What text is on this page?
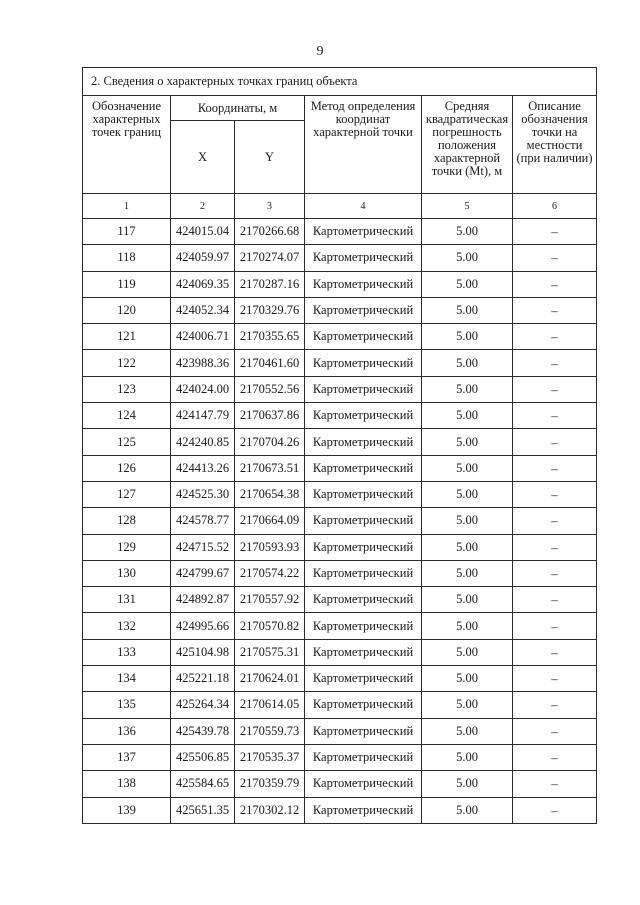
9
2. Сведения о характерных точках границ объекта					
Обозначение характерных точек границ	Координаты, м		Метод определения координат характерной точки	Средняя квадратическая погрешность положения характерной точки (Mt), м	Описание обозначения точки на местности (при наличии)
	X	Y			
1	2	3	4	5	6
117	424015.04	2170266.68	Картометрический	5.00	–
118	424059.97	2170274.07	Картометрический	5.00	–
119	424069.35	2170287.16	Картометрический	5.00	–
120	424052.34	2170329.76	Картометрический	5.00	–
121	424006.71	2170355.65	Картометрический	5.00	–
122	423988.36	2170461.60	Картометрический	5.00	–
123	424024.00	2170552.56	Картометрический	5.00	–
124	424147.79	2170637.86	Картометрический	5.00	–
125	424240.85	2170704.26	Картометрический	5.00	–
126	424413.26	2170673.51	Картометрический	5.00	–
127	424525.30	2170654.38	Картометрический	5.00	–
128	424578.77	2170664.09	Картометрический	5.00	–
129	424715.52	2170593.93	Картометрический	5.00	–
130	424799.67	2170574.22	Картометрический	5.00	–
131	424892.87	2170557.92	Картометрический	5.00	–
132	424995.66	2170570.82	Картометрический	5.00	–
133	425104.98	2170575.31	Картометрический	5.00	–
134	425221.18	2170624.01	Картометрический	5.00	–
135	425264.34	2170614.05	Картометрический	5.00	–
136	425439.78	2170559.73	Картометрический	5.00	–
137	425506.85	2170535.37	Картометрический	5.00	–
138	425584.65	2170359.79	Картометрический	5.00	–
139	425651.35	2170302.12	Картометрический	5.00	–
